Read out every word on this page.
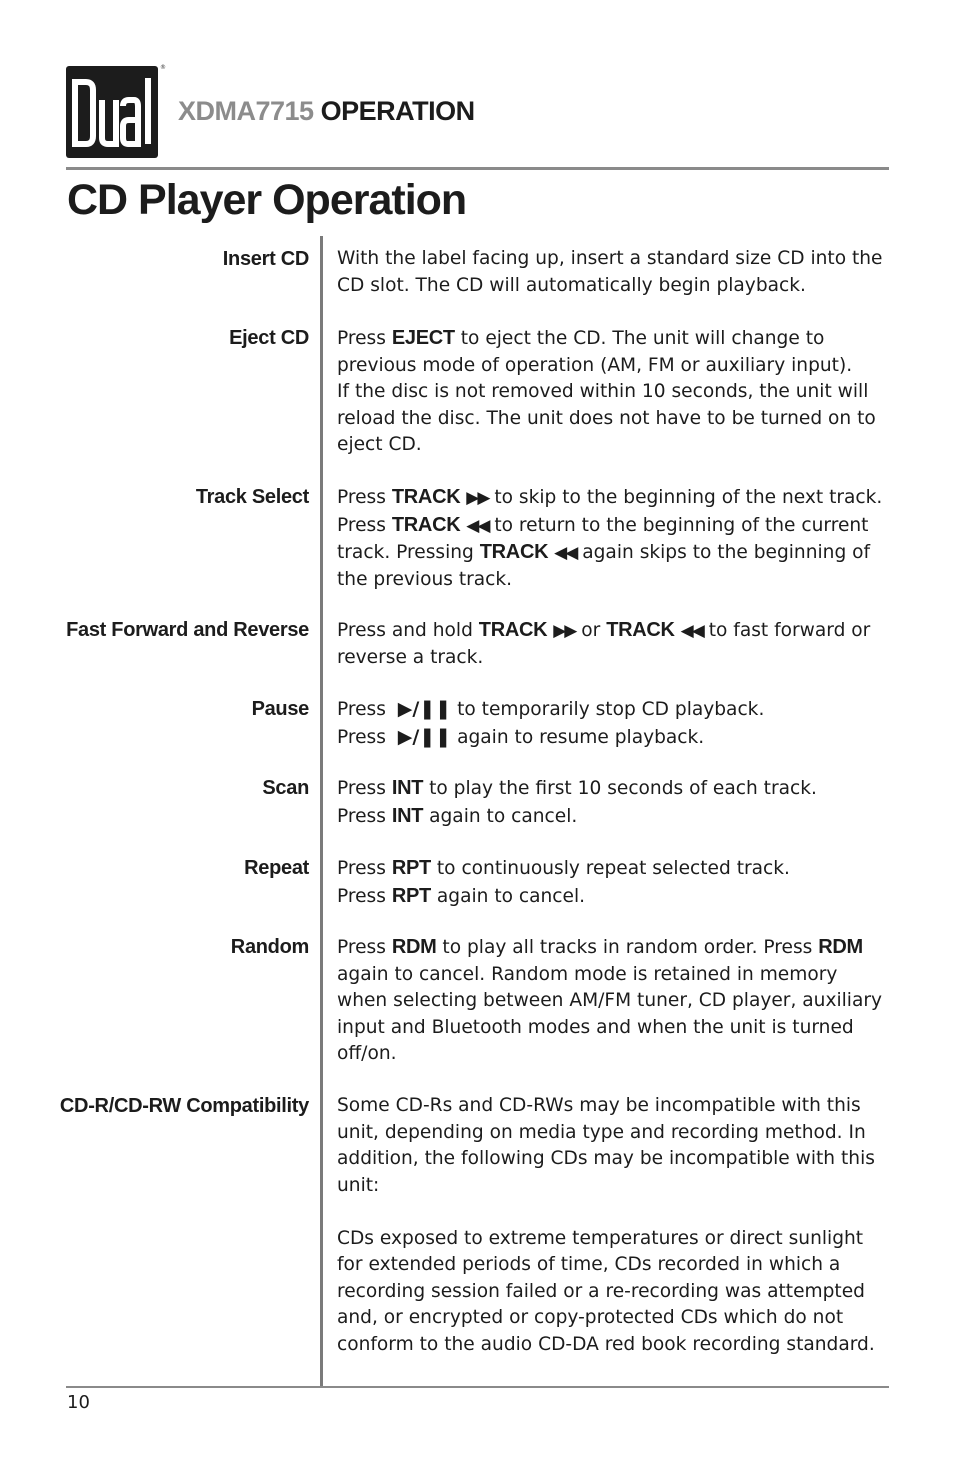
®
XDMA7715 OPERATION
CD Player Operation
Insert CD With the label facing up, insert a standard size CD into the CD slot. The CD will automatically begin playback.

Eject CD Press EJECT to eject the CD. The unit will change to previous mode of operation (AM, FM or auxiliary input).

If the disc is not removed within 10 seconds, the unit will reload the disc. The unit does not have to be turned on to eject CD.

Track Select Press TRACK ▶▶ to skip to the beginning of the next track. Press TRACK ◀◀ to return to the beginning of the current track. Pressing TRACK ◀◀ again skips to the beginning of the previous track.

Fast Forward and Reverse Press and hold TRACK ▶▶ or TRACK ◀◀ to fast forward or reverse a track.

Pause Press ▶/❚❚ to temporarily stop CD playback.

Press ▶/❚❚ again to resume playback.

Scan Press INT to play the first 10 seconds of each track.

Press INT again to cancel.

Repeat Press RPT to continuously repeat selected track.

Press RPT again to cancel.

Random Press RDM to play all tracks in random order. Press RDM again to cancel. Random mode is retained in memory when selecting between AM/FM tuner, CD player, auxiliary input and Bluetooth modes and when the unit is turned

off/on.

CD-R/CD-RW Compatibility Some CD-Rs and CD-RWs may be incompatible with this unit, depending on media type and recording method. In addition, the following CDs may be incompatible with this unit:

CDs exposed to extreme temperatures or direct sunlight for extended periods of time, CDs recorded in which a recording session failed or a re-recording was attempted and, or encrypted or copy-protected CDs which do not conform to the audio CD-DA red book recording standard.

10
